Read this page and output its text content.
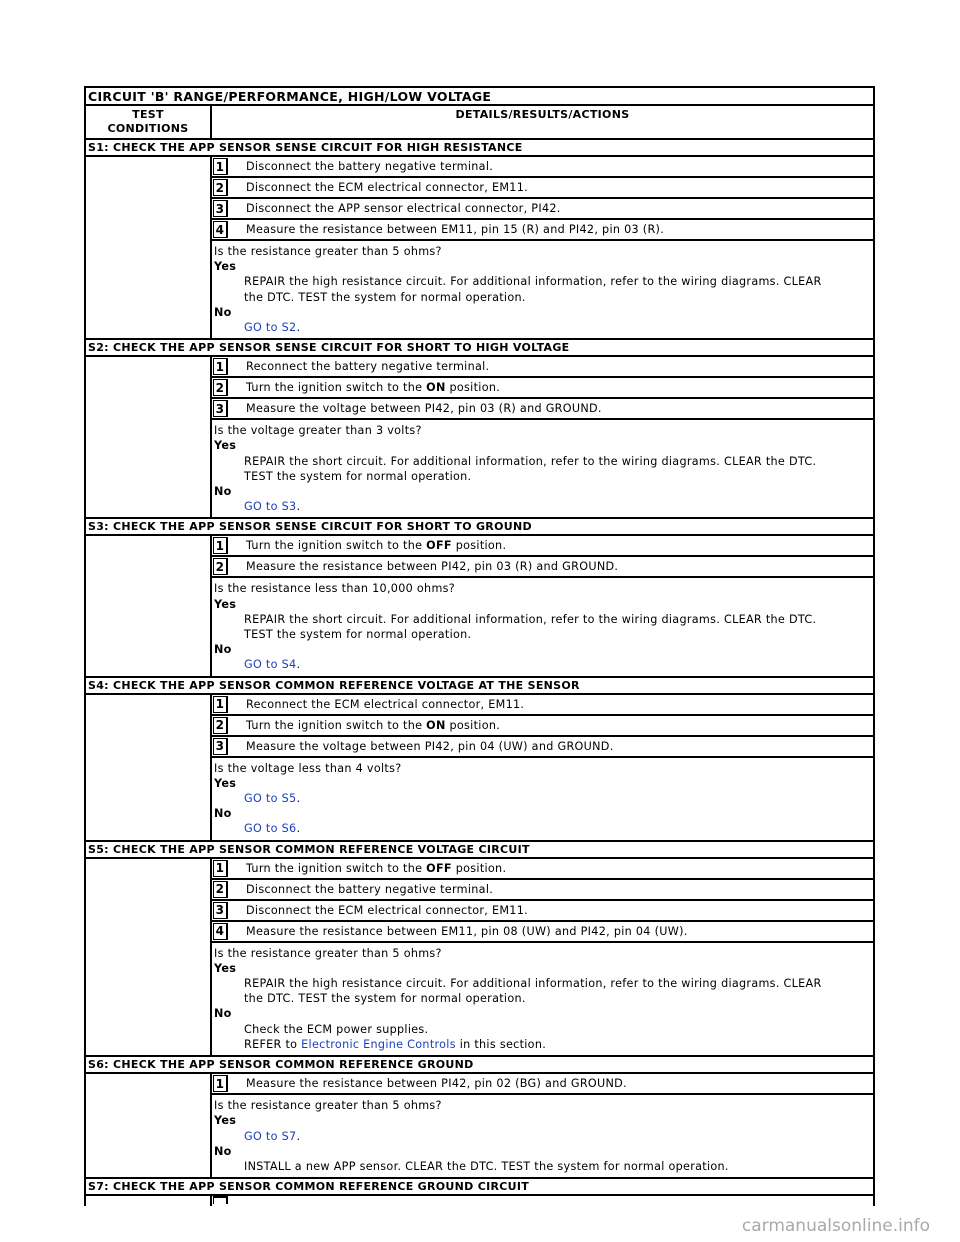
CIRCUIT 'B' RANGE/PERFORMANCE, HIGH/LOW VOLTAGE
TEST
CONDITIONS
DETAILS/RESULTS/ACTIONS
S1: CHECK THE APP SENSOR SENSE CIRCUIT FOR HIGH RESISTANCE
1	Disconnect the battery negative terminal.
2	Disconnect the ECM electrical connector, EM11.
3	Disconnect the APP sensor electrical connector, PI42.
4	Measure the resistance between EM11, pin 15 (R) and PI42, pin 03 (R).
Is the resistance greater than 5 ohms?
Yes
REPAIR the high resistance circuit. For additional information, refer to the wiring diagrams. CLEAR
the DTC. TEST the system for normal operation.
No
GO to S2.
S2: CHECK THE APP SENSOR SENSE CIRCUIT FOR SHORT TO HIGH VOLTAGE
1	Reconnect the battery negative terminal.
2	Turn the ignition switch to the ON position.
3	Measure the voltage between PI42, pin 03 (R) and GROUND.
Is the voltage greater than 3 volts?
Yes
REPAIR the short circuit. For additional information, refer to the wiring diagrams. CLEAR the DTC.
TEST the system for normal operation.
No
GO to S3.
S3: CHECK THE APP SENSOR SENSE CIRCUIT FOR SHORT TO GROUND
1	Turn the ignition switch to the OFF position.
2	Measure the resistance between PI42, pin 03 (R) and GROUND.
Is the resistance less than 10,000 ohms?
Yes
REPAIR the short circuit. For additional information, refer to the wiring diagrams. CLEAR the DTC.
TEST the system for normal operation.
No
GO to S4.
S4: CHECK THE APP SENSOR COMMON REFERENCE VOLTAGE AT THE SENSOR
1	Reconnect the ECM electrical connector, EM11.
2	Turn the ignition switch to the ON position.
3	Measure the voltage between PI42, pin 04 (UW) and GROUND.
Is the voltage less than 4 volts?
Yes
GO to S5.
No
GO to S6.
S5: CHECK THE APP SENSOR COMMON REFERENCE VOLTAGE CIRCUIT
1	Turn the ignition switch to the OFF position.
2	Disconnect the battery negative terminal.
3	Disconnect the ECM electrical connector, EM11.
4	Measure the resistance between EM11, pin 08 (UW) and PI42, pin 04 (UW).
Is the resistance greater than 5 ohms?
Yes
REPAIR the high resistance circuit. For additional information, refer to the wiring diagrams. CLEAR
the DTC. TEST the system for normal operation.
No
Check the ECM power supplies.
REFER to Electronic Engine Controls in this section.
S6: CHECK THE APP SENSOR COMMON REFERENCE GROUND
1	Measure the resistance between PI42, pin 02 (BG) and GROUND.
Is the resistance greater than 5 ohms?
Yes
GO to S7.
No
INSTALL a new APP sensor. CLEAR the DTC. TEST the system for normal operation.
S7: CHECK THE APP SENSOR COMMON REFERENCE GROUND CIRCUIT
carmanualsonline.info
